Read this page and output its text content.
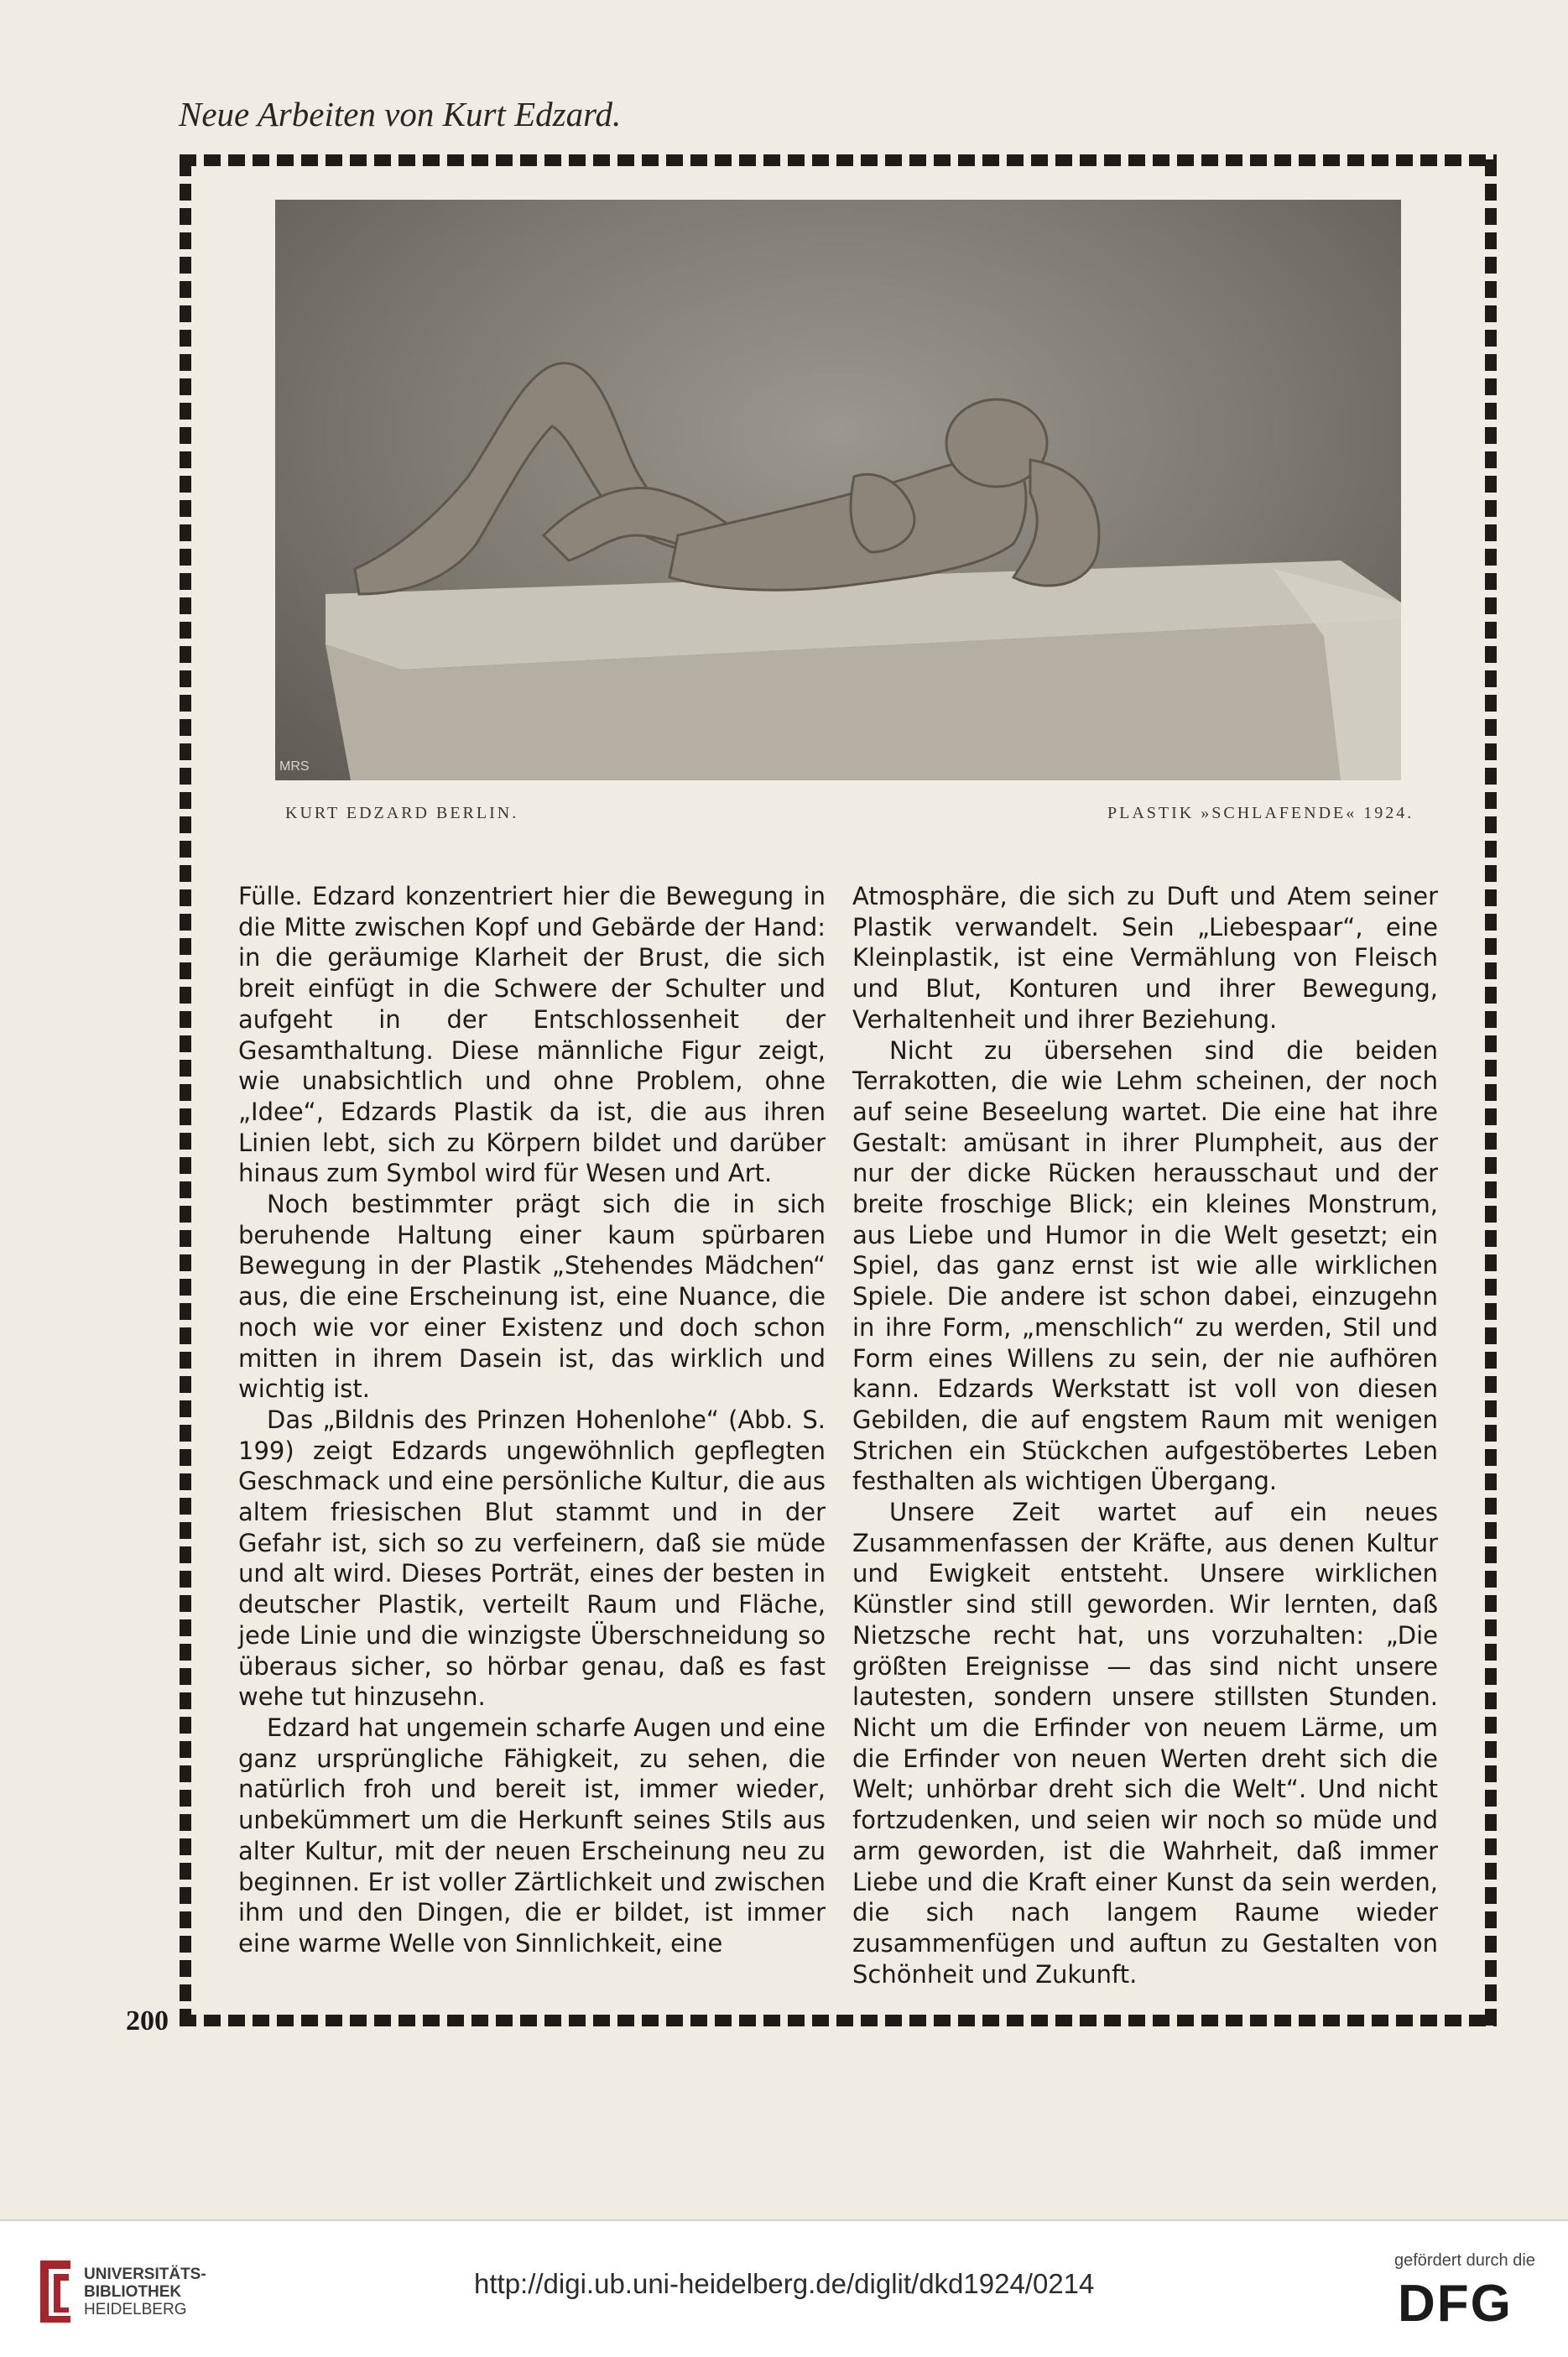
Neue Arbeiten von Kurt Edzard.
200
MRS
KURT EDZARD BERLIN.	PLASTIK »SCHLAFENDE« 1924.

Fülle. Edzard konzentriert hier die Bewegung in die Mitte zwischen Kopf und Gebärde der Hand: in die geräumige Klarheit der Brust, die sich breit einfügt in die Schwere der Schulter und aufgeht in der Entschlossenheit der Gesamthaltung. Diese männliche Figur zeigt, wie unabsichtlich und ohne Problem, ohne „Idee“, Edzards Plastik da ist, die aus ihren Linien lebt, sich zu Körpern bildet und darüber hinaus zum Symbol wird für Wesen und Art.

Noch bestimmter prägt sich die in sich beruhende Haltung einer kaum spürbaren Bewegung in der Plastik „Stehendes Mädchen“ aus, die eine Erscheinung ist, eine Nuance, die noch wie vor einer Existenz und doch schon mitten in ihrem Dasein ist, das wirklich und wichtig ist.

Das „Bildnis des Prinzen Hohenlohe“ (Abb. S. 199) zeigt Edzards ungewöhnlich gepflegten Geschmack und eine persönliche Kultur, die aus altem friesischen Blut stammt und in der Gefahr ist, sich so zu verfeinern, daß sie müde und alt wird. Dieses Porträt, eines der besten in deutscher Plastik, verteilt Raum und Fläche, jede Linie und die winzigste Überschneidung so überaus sicher, so hörbar genau, daß es fast wehe tut hinzusehn.

Edzard hat ungemein scharfe Augen und eine ganz ursprüngliche Fähigkeit, zu sehen, die natürlich froh und bereit ist, immer wieder, unbekümmert um die Herkunft seines Stils aus alter Kultur, mit der neuen Erscheinung neu zu beginnen. Er ist voller Zärtlichkeit und zwischen ihm und den Dingen, die er bildet, ist immer eine warme Welle von Sinnlichkeit, eine

Atmosphäre, die sich zu Duft und Atem seiner Plastik verwandelt. Sein „Liebespaar“, eine Kleinplastik, ist eine Vermählung von Fleisch und Blut, Konturen und ihrer Bewegung, Verhaltenheit und ihrer Beziehung.

Nicht zu übersehen sind die beiden Terrakotten, die wie Lehm scheinen, der noch auf seine Beseelung wartet. Die eine hat ihre Gestalt: amüsant in ihrer Plumpheit, aus der nur der dicke Rücken herausschaut und der breite froschige Blick; ein kleines Monstrum, aus Liebe und Humor in die Welt gesetzt; ein Spiel, das ganz ernst ist wie alle wirklichen Spiele. Die andere ist schon dabei, einzugehn in ihre Form, „menschlich“ zu werden, Stil und Form eines Willens zu sein, der nie aufhören kann. Edzards Werkstatt ist voll von diesen Gebilden, die auf engstem Raum mit wenigen Strichen ein Stückchen aufgestöbertes Leben festhalten als wichtigen Übergang.

Unsere Zeit wartet auf ein neues Zusammenfassen der Kräfte, aus denen Kultur und Ewigkeit entsteht. Unsere wirklichen Künstler sind still geworden. Wir lernten, daß Nietzsche recht hat, uns vorzuhalten: „Die größten Ereignisse — das sind nicht unsere lautesten, sondern unsere stillsten Stunden. Nicht um die Erfinder von neuem Lärme, um die Erfinder von neuen Werten dreht sich die Welt; unhörbar dreht sich die Welt“. Und nicht fortzudenken, und seien wir noch so müde und arm geworden, ist die Wahrheit, daß immer Liebe und die Kraft einer Kunst da sein werden, die sich nach langem Raume wieder zusammenfügen und auftun zu Gestalten von Schönheit und Zukunft.

UNIVERSITÄTS-
BIBLIOTHEK
HEIDELBERG
http://digi.ub.uni-heidelberg.de/diglit/dkd1924/0214
gefördert durch die
DFG
